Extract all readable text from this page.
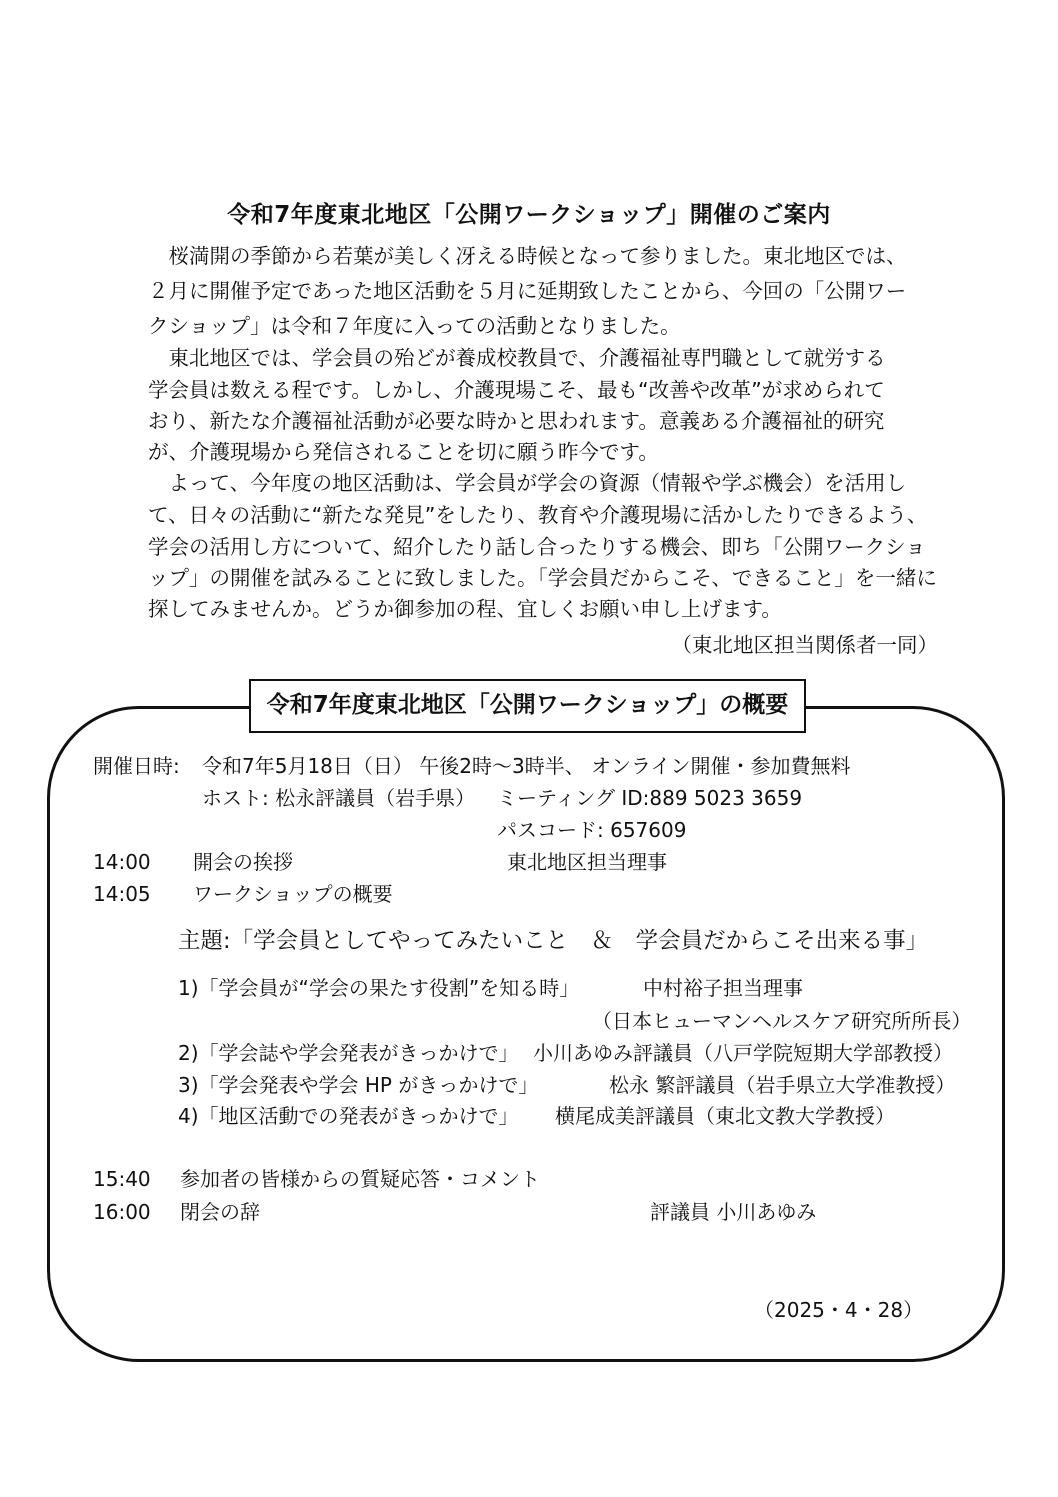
令和7年度東北地区「公開ワークショップ」開催のご案内
　桜満開の季節から若葉が美しく冴える時候となって参りました。東北地区では、
２月に開催予定であった地区活動を５月に延期致したことから、今回の「公開ワー
クショップ」は令和７年度に入っての活動となりました。
　東北地区では、学会員の殆どが養成校教員で、介護福祉専門職として就労する
学会員は数える程です。しかし、介護現場こそ、最も“改善や改革”が求められて
おり、新たな介護福祉活動が必要な時かと思われます。意義ある介護福祉的研究
が、介護現場から発信されることを切に願う昨今です。
　よって、今年度の地区活動は、学会員が学会の資源（情報や学ぶ機会）を活用し
て、日々の活動に“新たな発見”をしたり、教育や介護現場に活かしたりできるよう、
学会の活用し方について、紹介したり話し合ったりする機会、即ち「公開ワークショ
ップ」の開催を試みることに致しました。「学会員だからこそ、できること」を一緒に
探してみませんか。どうか御参加の程、宜しくお願い申し上げます。
（東北地区担当関係者一同）
令和7年度東北地区「公開ワークショップ」の概要
開催日時: 令和7年5月18日（日） 午後2時～3時半、 オンライン開催・参加費無料
ホスト: 松永評議員（岩手県） ミーティング ID:889 5023 3659
パスコード: 657609
14:00 開会の挨拶	東北地区担当理事
14:05 ワークショップの概要
主題:「学会員としてやってみたいこと　＆　学会員だからこそ出来る事」
1)「学会員が“学会の果たす役割”を知る時」	中村裕子担当理事
（日本ヒューマンヘルスケア研究所所長）
2)「学会誌や学会発表がきっかけで」 小川あゆみ評議員（八戸学院短期大学部教授）
3)「学会発表や学会 HP がきっかけで」	松永 繁評議員（岩手県立大学准教授）
4)「地区活動での発表がきっかけで」 横尾成美評議員（東北文教大学教授）
15:40 参加者の皆様からの質疑応答・コメント
16:00 閉会の辞	評議員 小川あゆみ
（2025・4・28）
